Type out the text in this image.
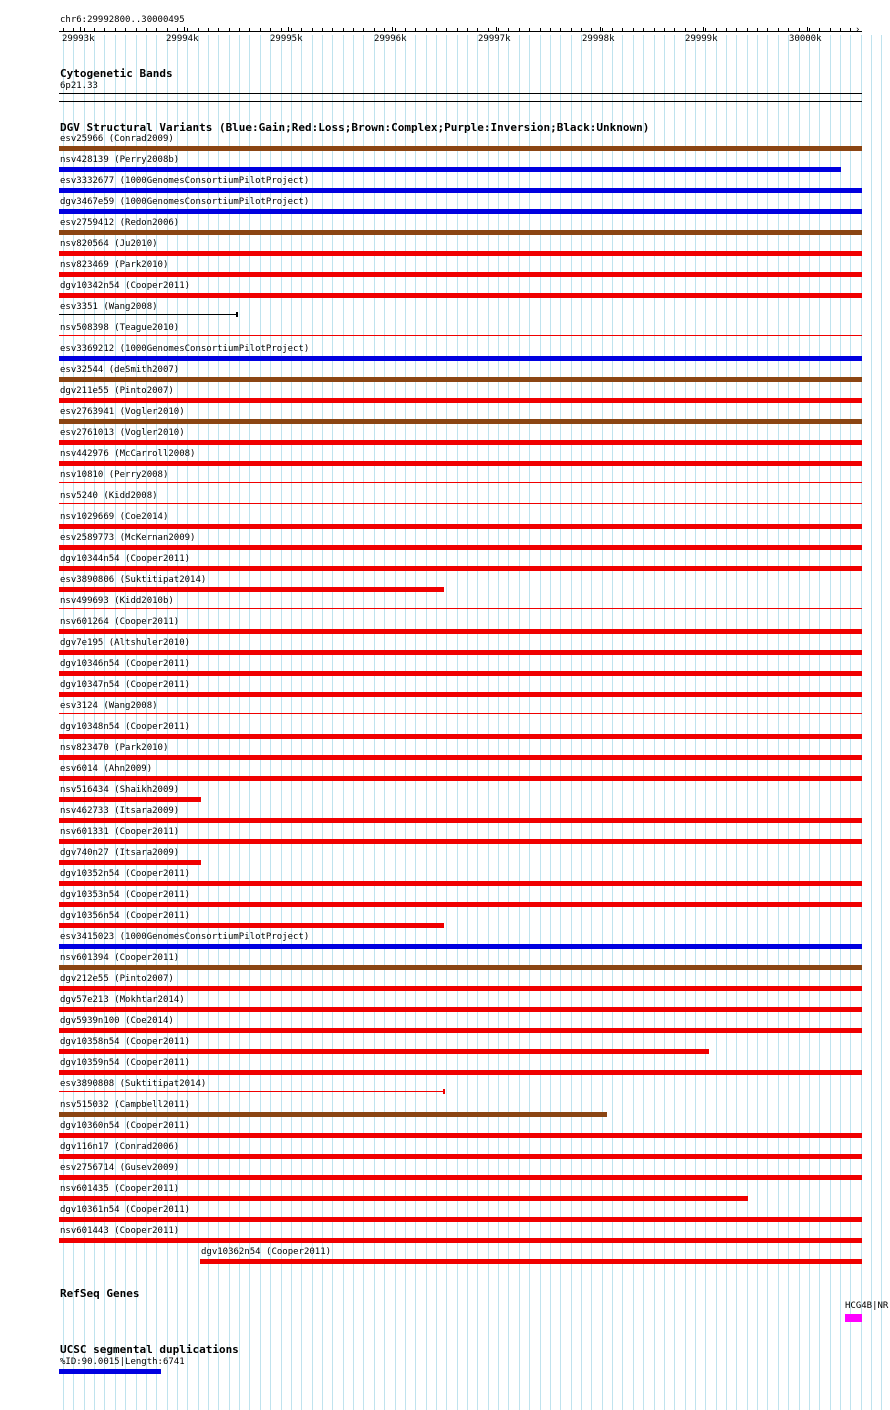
chr6:29992800..30000495
›
29993k	29994k	29995k	29996k	29997k	29998k	29999k	30000k
Cytogenetic Bands
6p21.33
DGV Structural Variants (Blue:Gain;Red:Loss;Brown:Complex;Purple:Inversion;Black:Unknown)
esv25966 (Conrad2009)
nsv428139 (Perry2008b)
esv3332677 (1000GenomesConsortiumPilotProject)
dgv3467e59 (1000GenomesConsortiumPilotProject)
esv2759412 (Redon2006)
nsv820564 (Ju2010)
nsv823469 (Park2010)
dgv10342n54 (Cooper2011)
esv3351 (Wang2008)
nsv508398 (Teague2010)
esv3369212 (1000GenomesConsortiumPilotProject)
esv32544 (deSmith2007)
dgv211e55 (Pinto2007)
esv2763941 (Vogler2010)
esv2761013 (Vogler2010)
nsv442976 (McCarroll2008)
nsv10810 (Perry2008)
nsv5240 (Kidd2008)
nsv1029669 (Coe2014)
esv2589773 (McKernan2009)
dgv10344n54 (Cooper2011)
esv3890806 (Suktitipat2014)
nsv499693 (Kidd2010b)
nsv601264 (Cooper2011)
dgv7e195 (Altshuler2010)
dgv10346n54 (Cooper2011)
dgv10347n54 (Cooper2011)
esv3124 (Wang2008)
dgv10348n54 (Cooper2011)
nsv823470 (Park2010)
esv6014 (Ahn2009)
nsv516434 (Shaikh2009)
nsv462733 (Itsara2009)
nsv601331 (Cooper2011)
dgv740n27 (Itsara2009)
dgv10352n54 (Cooper2011)
dgv10353n54 (Cooper2011)
dgv10356n54 (Cooper2011)
esv3415023 (1000GenomesConsortiumPilotProject)
nsv601394 (Cooper2011)
dgv212e55 (Pinto2007)
dgv57e213 (Mokhtar2014)
dgv5939n100 (Coe2014)
dgv10358n54 (Cooper2011)
dgv10359n54 (Cooper2011)
esv3890808 (Suktitipat2014)
nsv515032 (Campbell2011)
dgv10360n54 (Cooper2011)
dgv116n17 (Conrad2006)
esv2756714 (Gusev2009)
nsv601435 (Cooper2011)
dgv10361n54 (Cooper2011)
nsv601443 (Cooper2011)
dgv10362n54 (Cooper2011)
RefSeq Genes
HCG4B|NR
UCSC segmental duplications
%ID:90.0015|Length:6741
